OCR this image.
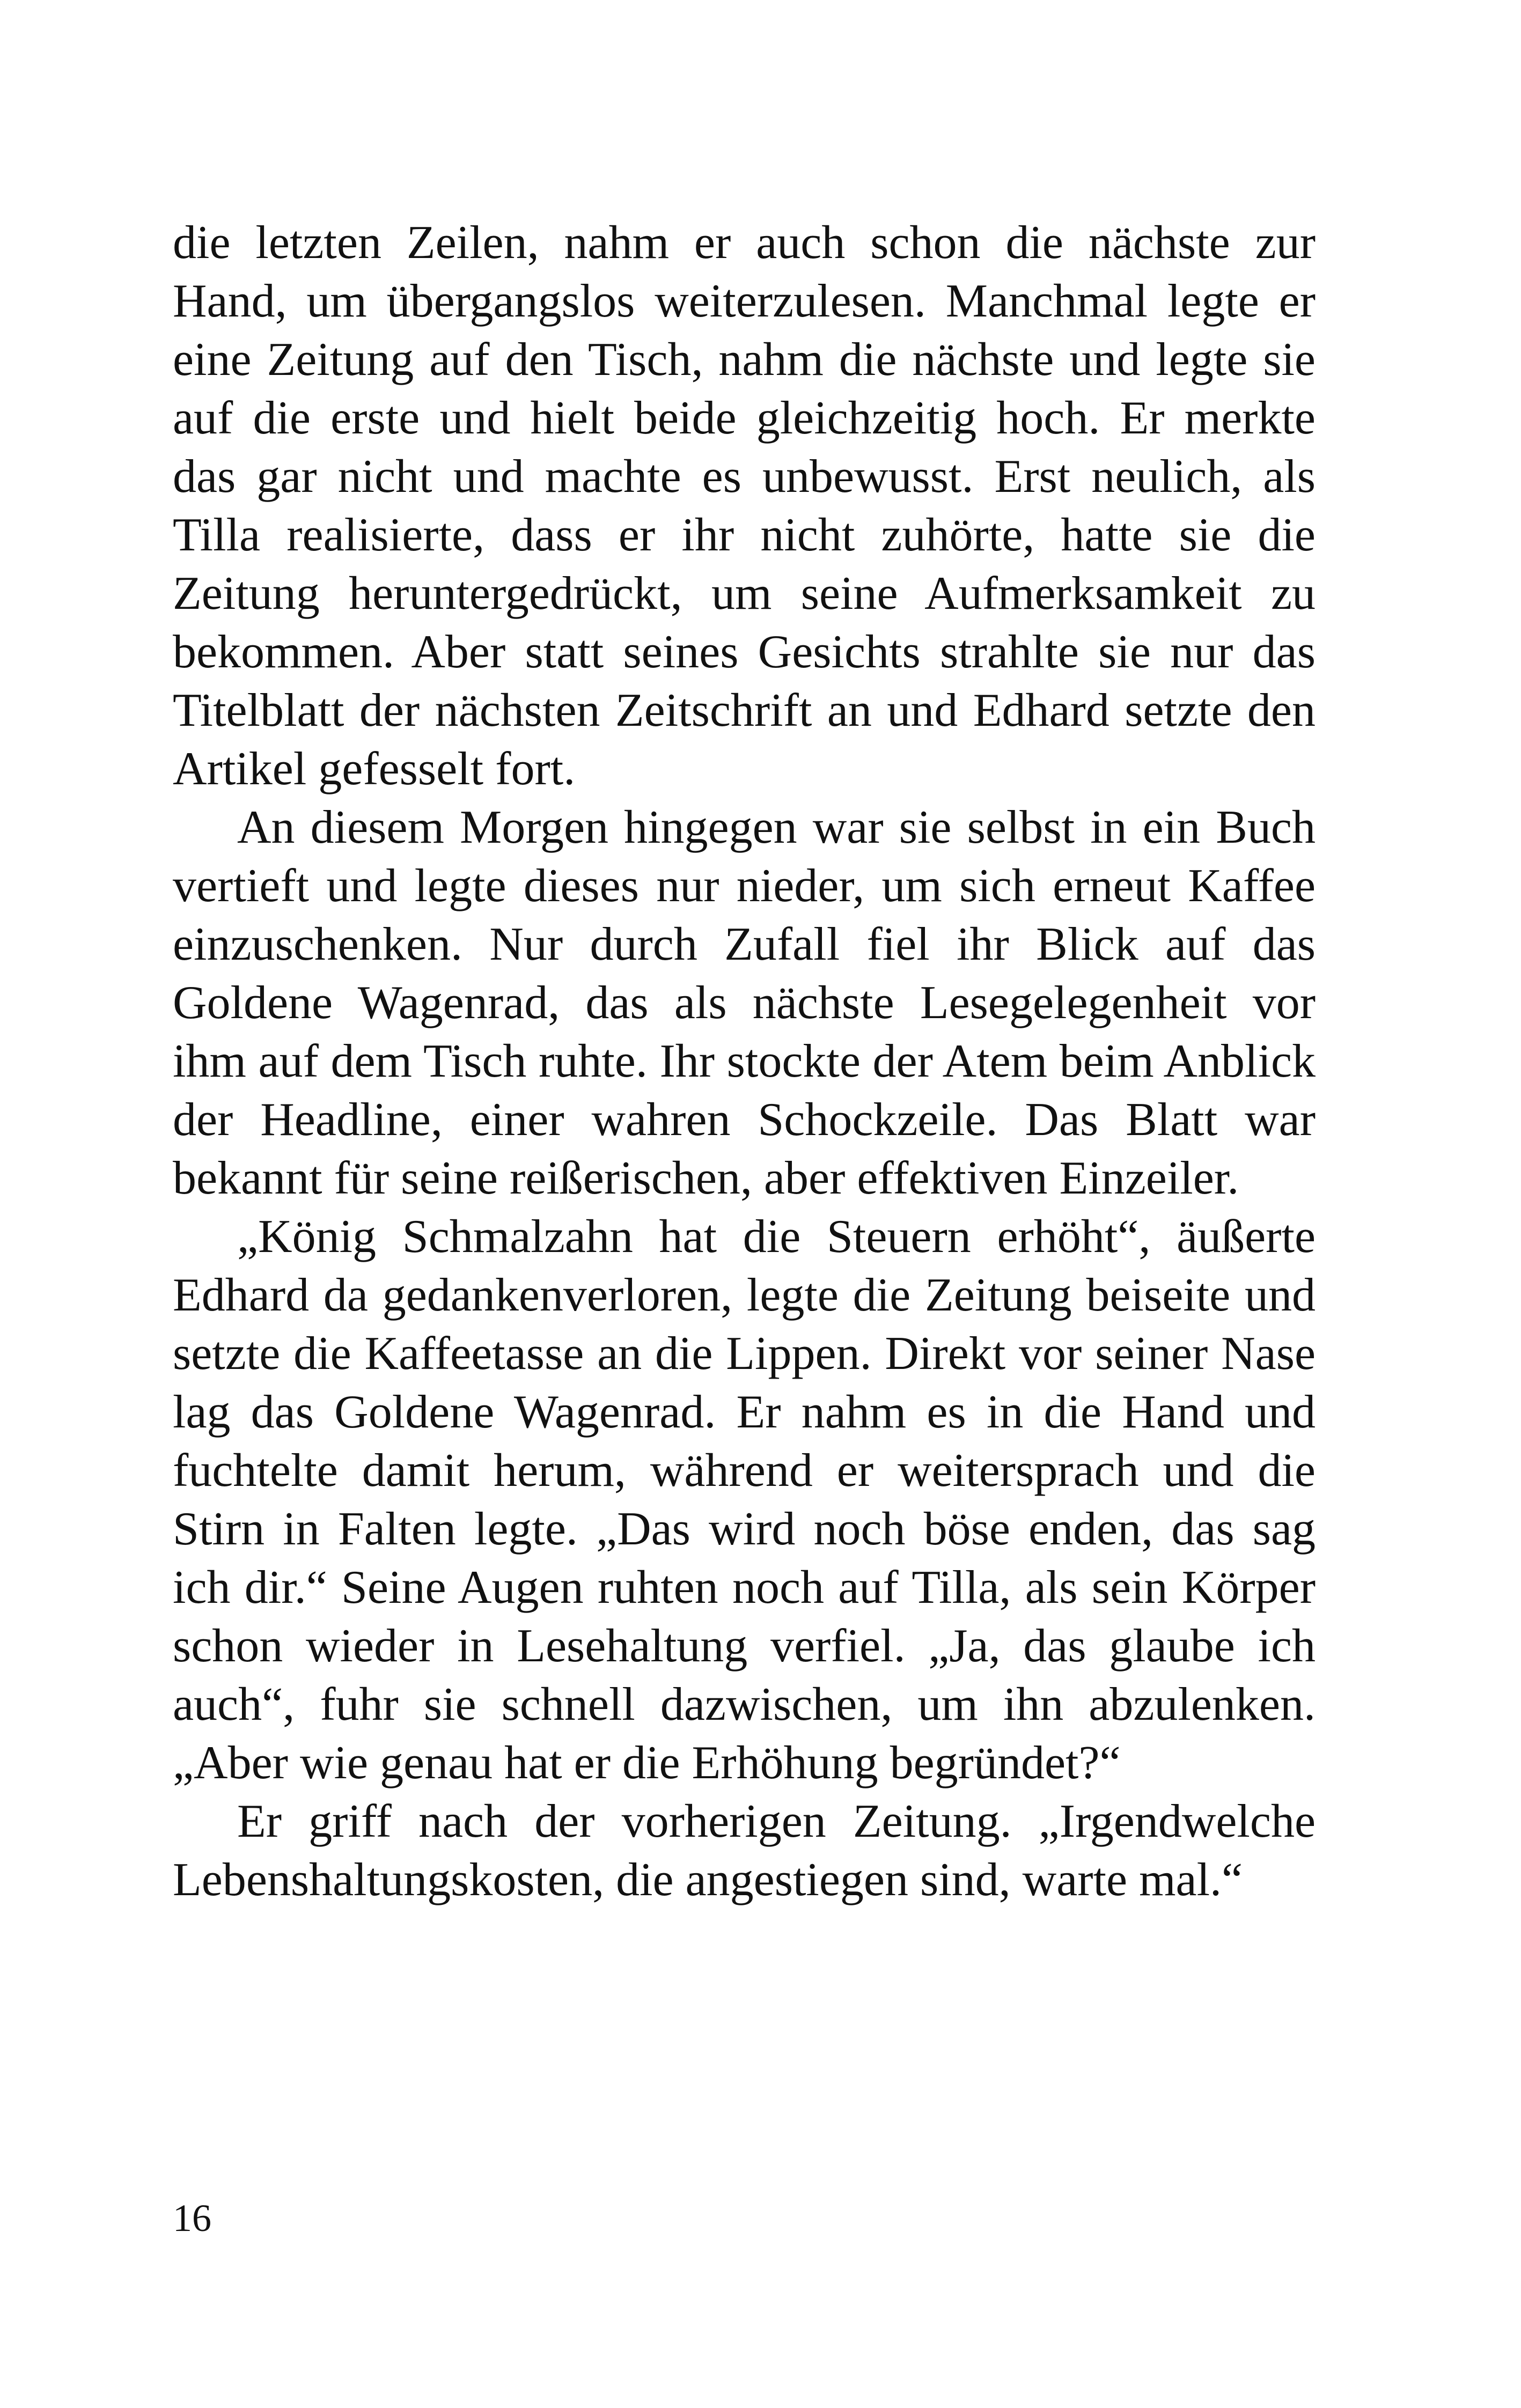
die letzten Zeilen, nahm er auch schon die nächste zur Hand, um übergangslos weiterzulesen. Manchmal legte er eine Zeitung auf den Tisch, nahm die nächste und legte sie auf die erste und hielt beide gleichzeitig hoch. Er merkte das gar nicht und machte es unbewusst. Erst neulich, als Tilla realisierte, dass er ihr nicht zuhörte, hatte sie die Zeitung heruntergedrückt, um seine Aufmerksamkeit zu bekommen. Aber statt seines Gesichts strahlte sie nur das Titelblatt der nächsten Zeitschrift an und Edhard setzte den Artikel gefesselt fort.

An diesem Morgen hingegen war sie selbst in ein Buch vertieft und legte dieses nur nieder, um sich erneut Kaffee einzuschenken. Nur durch Zufall fiel ihr Blick auf das Goldene Wagenrad, das als nächste Lesegelegenheit vor ihm auf dem Tisch ruhte. Ihr stockte der Atem beim Anblick der Headline, einer wahren Schockzeile. Das Blatt war bekannt für seine reißerischen, aber effektiven Einzeiler.

„König Schmalzahn hat die Steuern erhöht“, äußerte Edhard da gedankenverloren, legte die Zeitung beiseite und setzte die Kaffeetasse an die Lippen. Direkt vor seiner Nase lag das Goldene Wagenrad. Er nahm es in die Hand und fuchtelte damit herum, während er weitersprach und die Stirn in Falten legte. „Das wird noch böse enden, das sag ich dir.“ Seine Augen ruhten noch auf Tilla, als sein Körper schon wieder in Lesehaltung verfiel. „Ja, das glaube ich auch“, fuhr sie schnell dazwischen, um ihn abzulenken. „Aber wie genau hat er die Erhöhung begründet?“

Er griff nach der vorherigen Zeitung. „Irgendwelche Lebenshaltungskosten, die angestiegen sind, warte mal.“

16
